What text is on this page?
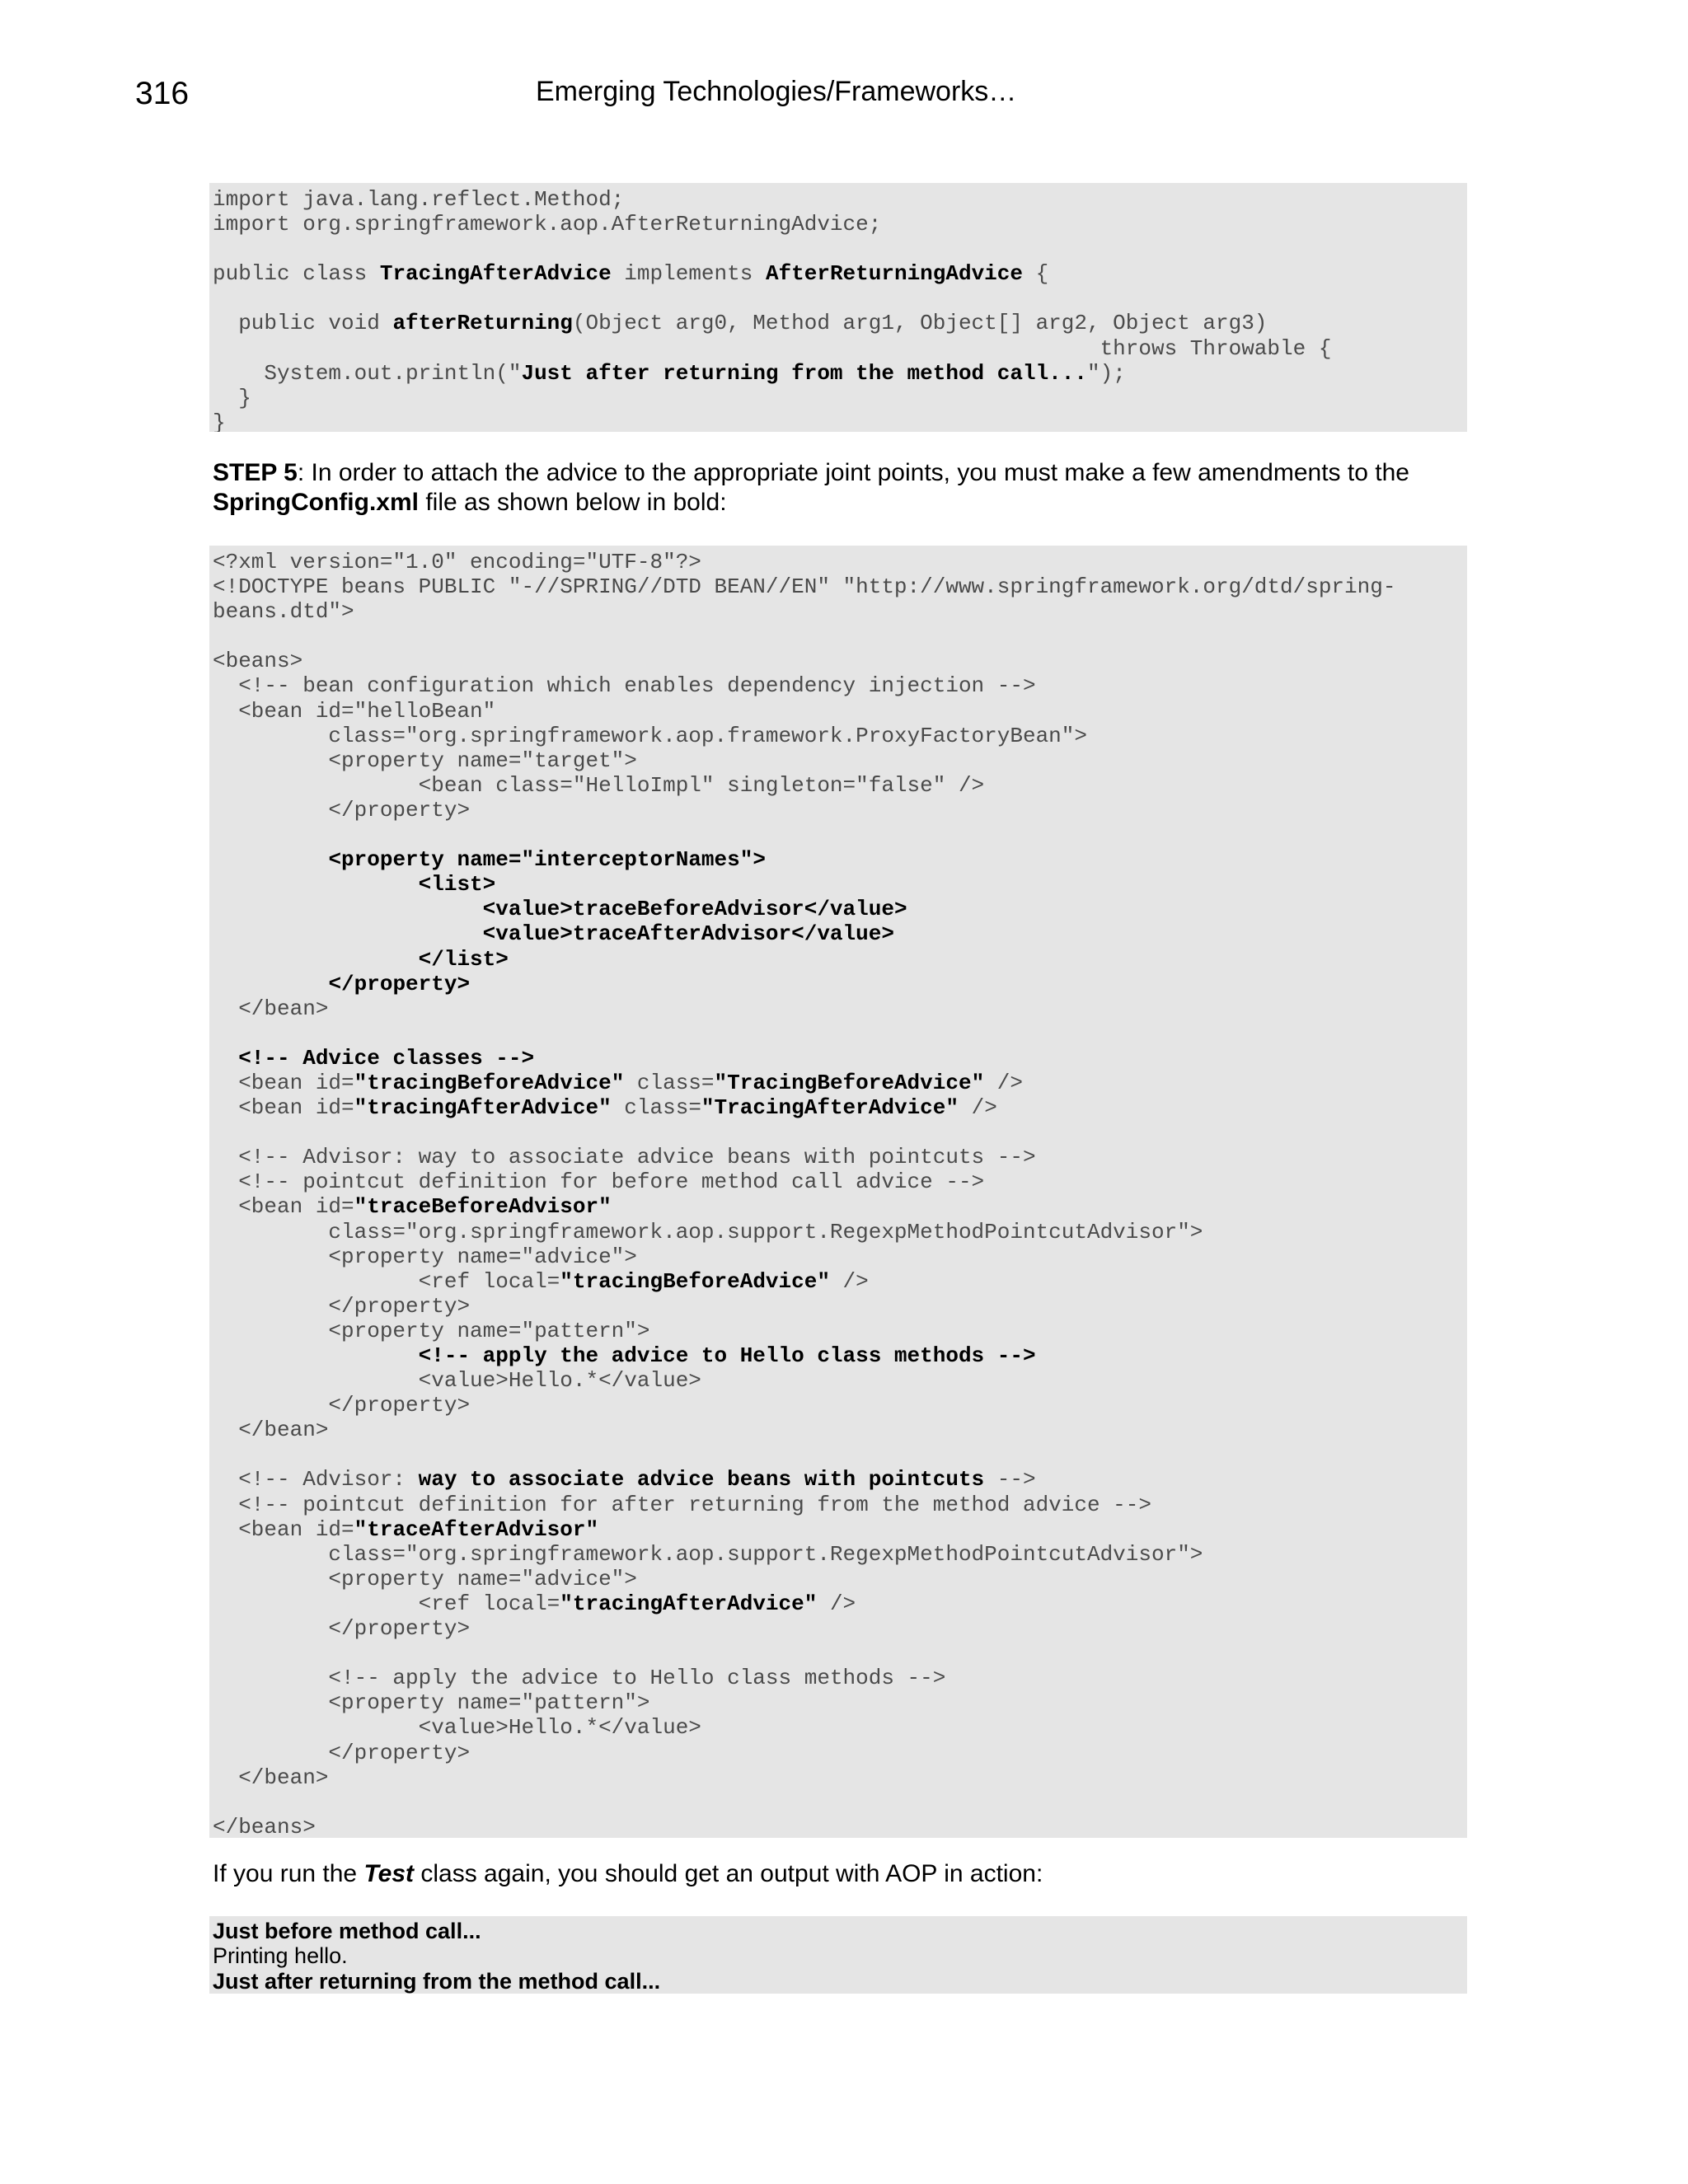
316	Emerging Technologies/Frameworks…
import java.lang.reflect.Method;
import org.springframework.aop.AfterReturningAdvice;

public class TracingAfterAdvice implements AfterReturningAdvice {

public void afterReturning(Object arg0, Method arg1, Object[] arg2, Object arg3)
throws Throwable {
System.out.println("Just after returning from the method call...");
}
}
STEP 5: In order to attach the advice to the appropriate joint points, you must make a few amendments to the SpringConfig.xml file as shown below in bold:
<?xml version="1.0" encoding="UTF-8"?>
<!DOCTYPE beans PUBLIC "-//SPRING//DTD BEAN//EN" "http://www.springframework.org/dtd/spring-
beans.dtd">

<beans>
<!-- bean configuration which enables dependency injection -->
<bean id="helloBean"
class="org.springframework.aop.framework.ProxyFactoryBean">
<property name="target">
<bean class="HelloImpl" singleton="false" />
</property>

<property name="interceptorNames">
<list>
<value>traceBeforeAdvisor</value>
<value>traceAfterAdvisor</value>
</list>
</property>
</bean>

<!-- Advice classes -->
<bean id="tracingBeforeAdvice" class="TracingBeforeAdvice" />
<bean id="tracingAfterAdvice" class="TracingAfterAdvice" />

<!-- Advisor: way to associate advice beans with pointcuts -->
<!-- pointcut definition for before method call advice -->
<bean id="traceBeforeAdvisor"
class="org.springframework.aop.support.RegexpMethodPointcutAdvisor">
<property name="advice">
<ref local="tracingBeforeAdvice" />
</property>
<property name="pattern">
<!-- apply the advice to Hello class methods -->
<value>Hello.*</value>
</property>
</bean>

<!-- Advisor: way to associate advice beans with pointcuts -->
<!-- pointcut definition for after returning from the method advice -->
<bean id="traceAfterAdvisor"
class="org.springframework.aop.support.RegexpMethodPointcutAdvisor">
<property name="advice">
<ref local="tracingAfterAdvice" />
</property>

<!-- apply the advice to Hello class methods -->
<property name="pattern">
<value>Hello.*</value>
</property>
</bean>

</beans>
If you run the Test class again, you should get an output with AOP in action:
Just before method call...
Printing hello.
Just after returning from the method call...
